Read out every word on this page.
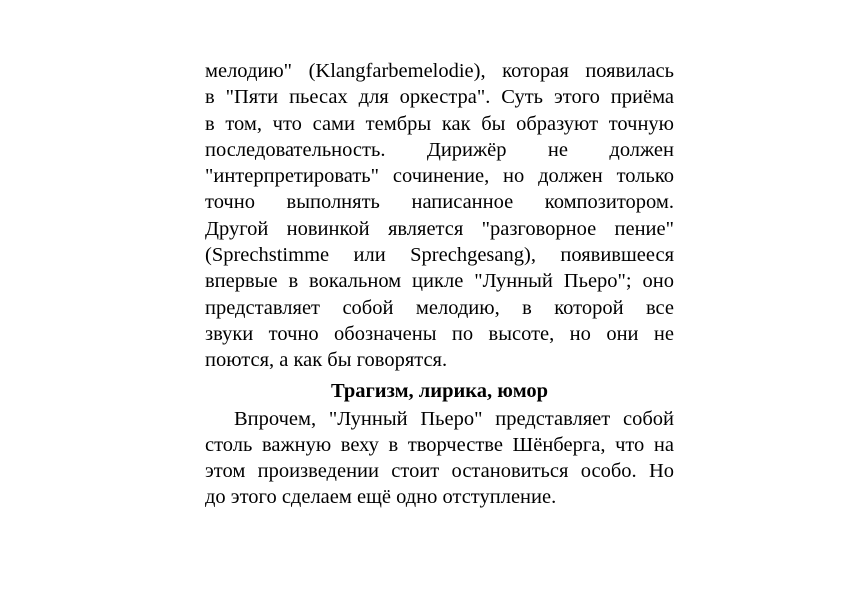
мелодию" (Klangfarbemelodie), которая появилась
в "Пяти пьесах для оркестра". Суть этого приёма
в том, что сами тембры как бы образуют точную
последовательность. Дирижёр не должен
"интерпретировать" сочинение, но должен только
точно выполнять написанное композитором.
Другой новинкой является "разговорное пение"
(Sprechstimme или Sprechgesang), появившееся
впервые в вокальном цикле "Лунный Пьеро"; оно
представляет собой мелодию, в которой все
звуки точно обозначены по высоте, но они не
поются, а как бы говорятся.
Трагизм, лирика, юмор
Впрочем, "Лунный Пьеро" представляет собой
столь важную веху в творчестве Шёнберга, что на
этом произведении стоит остановиться особо. Но
до этого сделаем ещё одно отступление.
